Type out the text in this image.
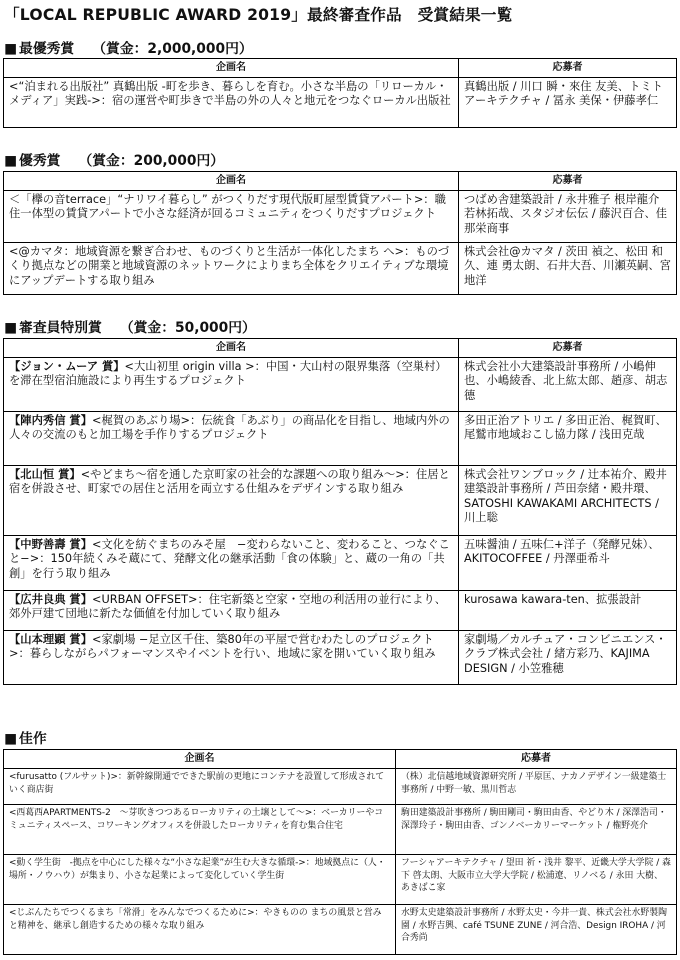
「LOCAL REPUBLIC AWARD 2019」最終審査作品　受賞結果一覧
■ 最優秀賞 （賞金：2,000,000円）
企画名	応募者
<“泊まれる出版社” 真鶴出版 -町を歩き、暮らしを育む。小さな半島の「リローカル・メディア」実践->：宿の運営や町歩きで半島の外の人々と地元をつなぐローカル出版社	真鶴出版 / 川口 瞬・來住 友美、トミトアーキテクチャ / 冨永 美保・伊藤孝仁
■ 優秀賞 （賞金：200,000円）
企画名	応募者
＜「欅の音terrace」“ナリワイ暮らし” がつくりだす現代版町屋型賃貸アパート>：職住一体型の賃貸アパートで小さな経済が回るコミュニティをつくりだすプロジェクト	つばめ舎建築設計 / 永井雅子 根岸龍介 若林拓哉、スタジオ伝伝 / 藤沢百合、佳那栄商事
<@カマタ：地域資源を繋ぎ合わせ、ものづくりと生活が一体化したまち へ>：ものづくり拠点などの開業と地域資源のネットワークによりまち全体をクリエイティブな環境にアップデートする取り組み	株式会社@カマタ / 茨田 禎之、松田 和久、連 勇太朗、石井大吾、川瀬英嗣、宮地洋
■ 審査員特別賞 （賞金：50,000円）
企画名	応募者
【ジョン・ムーア 賞】<大山初里 origin villa >：中国・大山村の限界集落（空巣村）を滞在型宿泊施設により再生するプロジェクト	株式会社小大建築設計事務所 / 小嶋伸也、小嶋綾香、北上紘太郎、趙彦、胡志德
【陣内秀信 賞】<梶賀のあぶり場>：伝統食「あぶり」の商品化を目指し、地域内外の人々の交流のもと加工場を手作りするプロジェクト	多田正治アトリエ / 多田正治、梶賀町、尾鷲市地域おこし協力隊 / 浅田克哉
【北山恒 賞】<やどまち〜宿を通した京町家の社会的な課題への取り組み〜>：住居と宿を併設させ、町家での居住と活用を両立する仕組みをデザインする取り組み	株式会社ワンブロック / 辻本祐介、殿井建築設計事務所 / 芦田奈緒・殿井環、SATOSHI KAWAKAMI ARCHITECTS / 川上聡
【中野善壽 賞】<文化を紡ぐまちのみそ屋　−変わらないこと、変わること、つなぐこと−>：150年続くみそ蔵にて、発酵文化の継承活動「食の体験」と、蔵の一角の「共創」を行う取り組み	五味醤油 / 五味仁+洋子（発酵兄妹）、AKITOCOFFEE / 丹澤亜希斗
【広井良典 賞】<URBAN OFFSET>：住宅新築と空家・空地の利活用の並行により、郊外戸建て団地に新たな価値を付加していく取り組み	kurosawa kawara-ten、拡張設計
【山本理顕 賞】<家劇場 −足立区千住、築80年の平屋で営むわたしのプロジェクト>：暮らしながらパフォーマンスやイベントを行い、地域に家を開いていく取り組み	家劇場／カルチュア・コンビニエンス・クラブ株式会社 / 緒方彩乃、KAJIMA DESIGN / 小笠雅穂
■ 佳作
企画名	応募者
<furusatto (フルサット)>：新幹線開通でできた駅前の更地にコンテナを設置して形成されていく商店街	（株）北信越地域資源研究所 / 平原匡、ナカノデザイン一級建築士事務所 / 中野一敏、黒川哲志
<西葛西APARTMENTS-2　〜芽吹きつつあるローカリティの土壌として〜>：ベーカリーやコミュニティスペース、コワーキングオフィスを併設したローカリティを育む集合住宅	駒田建築設計事務所 / 駒田剛司・駒田由香、やどり木 / 深澤浩司・深澤玲子・駒田由香、ゴンノベーカリーマーケット / 権野亮介
<動く学生街　-拠点を中心にした様々な“小さな起業”が生む大きな循環->：地域拠点に（人・場所・ノウハウ）が集まり、小さな起業によって変化していく学生街	フーシャアーキテクチャ / 望田 祈・浅井 黎平、近畿大学大学院 / 森下 啓太朗、大阪市立大学大学院 / 松浦遼、リノベる / 永田 大樹、あきばこ家
<じぶんたちでつくるまち「常滑」をみんなでつくるために>：やきものの まちの風景と営みと精神を、継承し創造するための様々な取り組み	水野太史建築設計事務所 / 水野太史・今井一貴、株式会社水野製陶園 / 水野吉興、café TSUNE ZUNE / 河合浩、Design IROHA / 河合秀尚
